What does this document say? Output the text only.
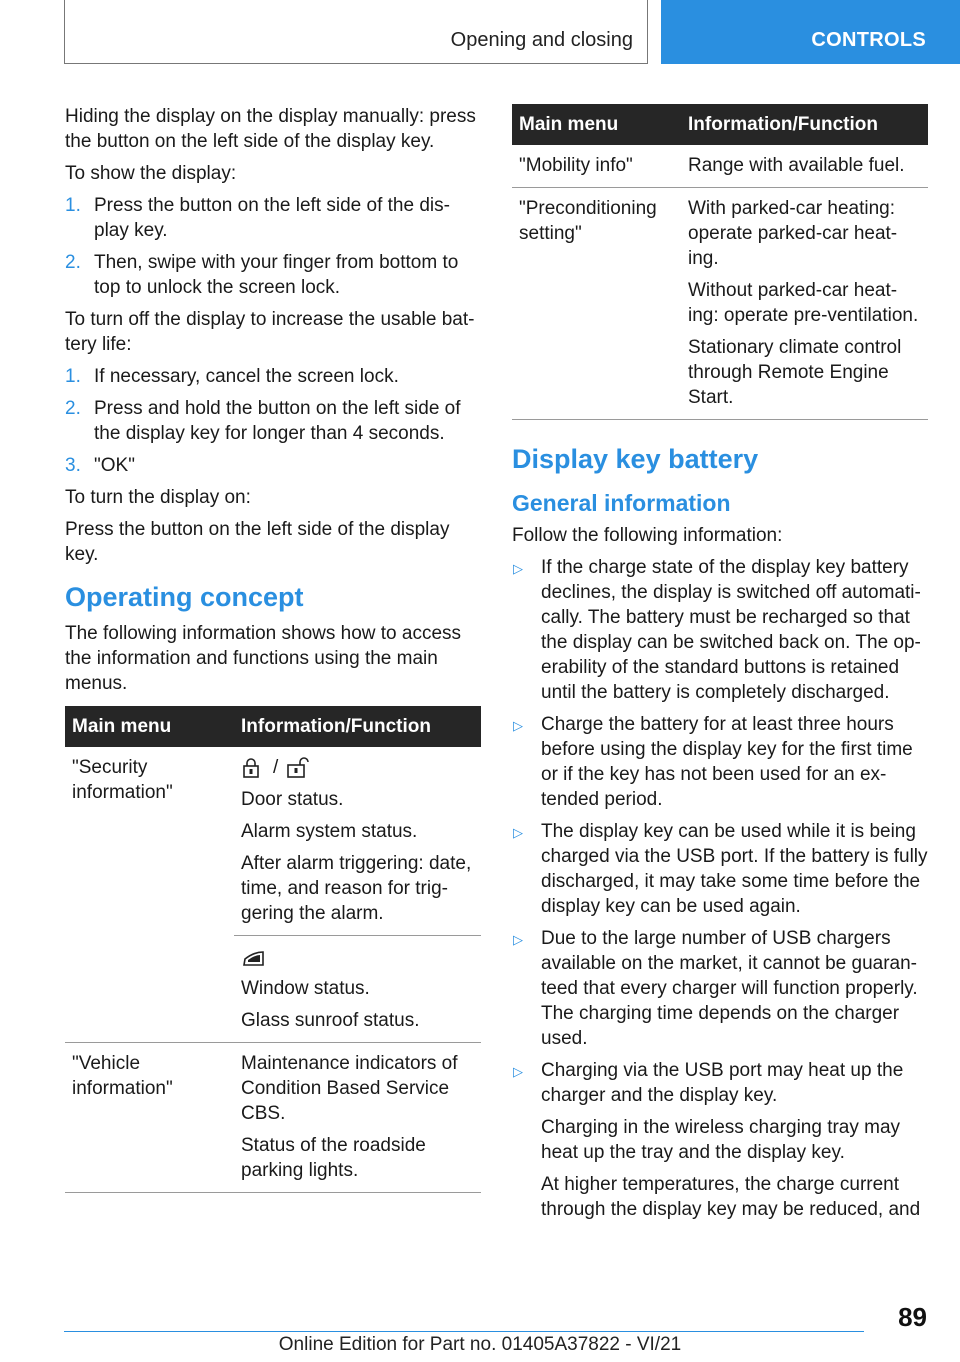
Opening and closing	CONTROLS

Hiding the display on the display manually: press the button on the left side of the display key.

To show the display:

1. Press the button on the left side of the dis‐ play key.
2. Then, swipe with your finger from bottom to top to unlock the screen lock.

To turn off the display to increase the usable bat‐ tery life:

1. If necessary, cancel the screen lock.
2. Press and hold the button on the left side of the display key for longer than 4 seconds.
3. "OK"

To turn the display on:

Press the button on the left side of the display key.

Operating concept

The following information shows how to access the information and functions using the main menus.

Main menu	Information/Function
"Security information"	/

Door status.

Alarm system status.

After alarm triggering: date, time, and reason for trig‐ gering the alarm.

	Window status.

Glass sunroof status.

"Vehicle information"	Maintenance indicators of Condition Based Service CBS.

Status of the roadside parking lights.

Main menu	Information/Function
"Mobility info"	Range with available fuel.
"Preconditioning setting"	With parked-car heating: operate parked-car heat‐ ing.

Without parked-car heat‐ ing: operate pre-ventilation.

Stationary climate control through Remote Engine Start.

Display key battery
General information

Follow the following information:

▷ If the charge state of the display key battery declines, the display is switched off automati‐ cally. The battery must be recharged so that the display can be switched back on. The op‐ erability of the standard buttons is retained until the battery is completely discharged.

▷ Charge the battery for at least three hours before using the display key for the first time or if the key has not been used for an ex‐ tended period.

▷ The display key can be used while it is being charged via the USB port. If the battery is fully discharged, it may take some time before the display key can be used again.

▷ Due to the large number of USB chargers available on the market, it cannot be guaran‐ teed that every charger will function properly. The charging time depends on the charger used.

▷ Charging via the USB port may heat up the charger and the display key.

Charging in the wireless charging tray may heat up the tray and the display key.

At higher temperatures, the charge current through the display key may be reduced, and

89
Online Edition for Part no. 01405A37822 - VI/21
